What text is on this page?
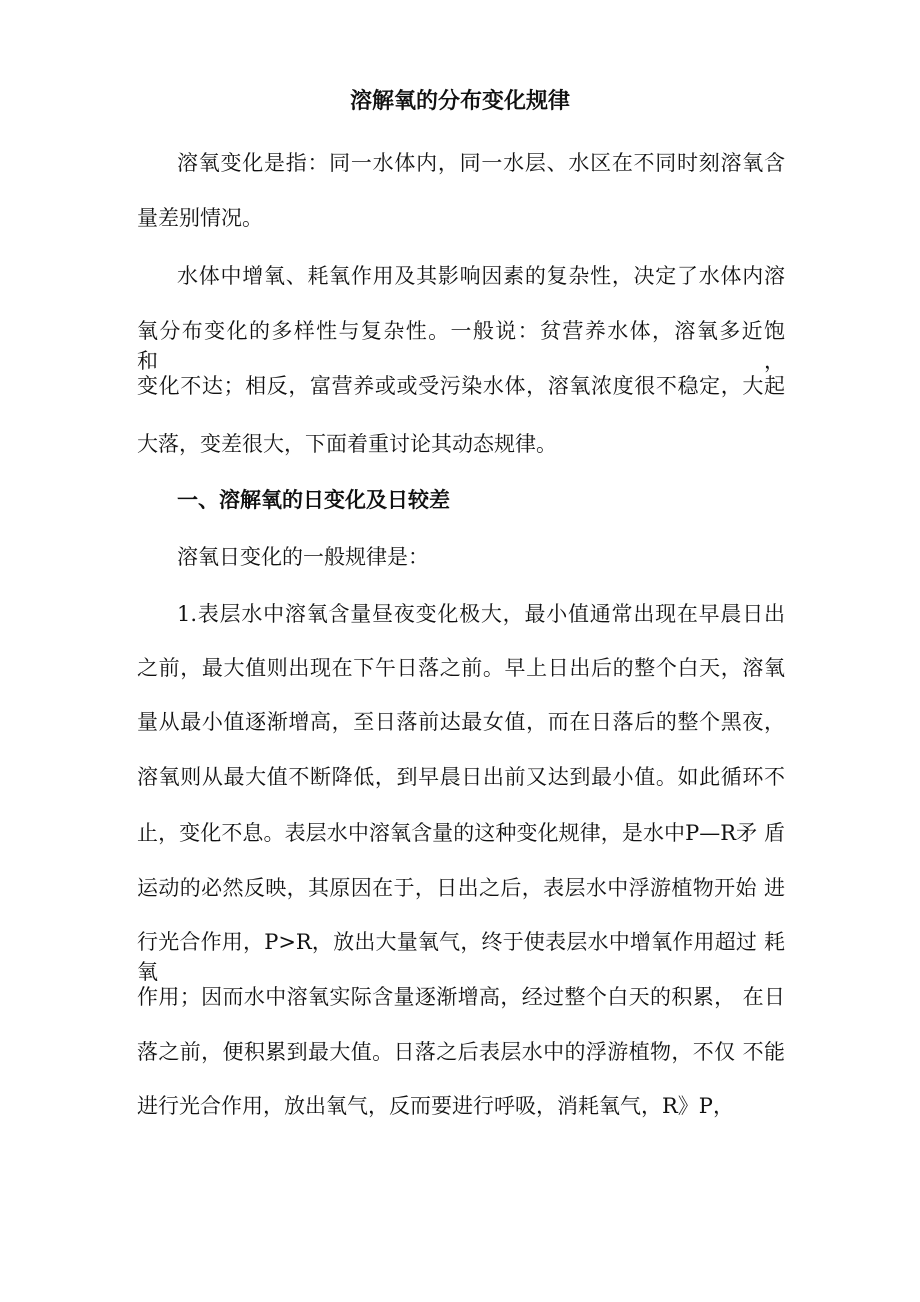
溶解氧的分布变化规律
溶氧变化是指：同一水体内，同一水层、水区在不同时刻溶氧含
量差别情况。
水体中增氧、耗氧作用及其影响因素的复杂性，决定了水体内溶
氧分布变化的多样性与复杂性。一般说：贫营养水体，溶氧多近饱和，
变化不达；相反，富营养或或受污染水体，溶氧浓度很不稳定，大起
大落，变差很大，下面着重讨论其动态规律。
一、溶解氧的日变化及日较差
溶氧日变化的一般规律是：
1.表层水中溶氧含量昼夜变化极大，最小值通常出现在早晨日出
之前，最大值则出现在下午日落之前。早上日出后的整个白天，溶氧
量从最小值逐渐增高，至日落前达最女值，而在日落后的整个黑夜，
溶氧则从最大值不断降低，到早晨日出前又达到最小值。如此循环不
止，变化不息。表层水中溶氧含量的这种变化规律，是水中P—R矛 盾
运动的必然反映，其原因在于，日出之后，表层水中浮游植物开始 进
行光合作用，P>R，放出大量氧气，终于使表层水中增氧作用超过 耗氧
作用；因而水中溶氧实际含量逐渐增高，经过整个白天的积累， 在日
落之前，便积累到最大值。日落之后表层水中的浮游植物，不仅 不能
进行光合作用，放出氧气，反而要进行呼吸，消耗氧气，R》P，
